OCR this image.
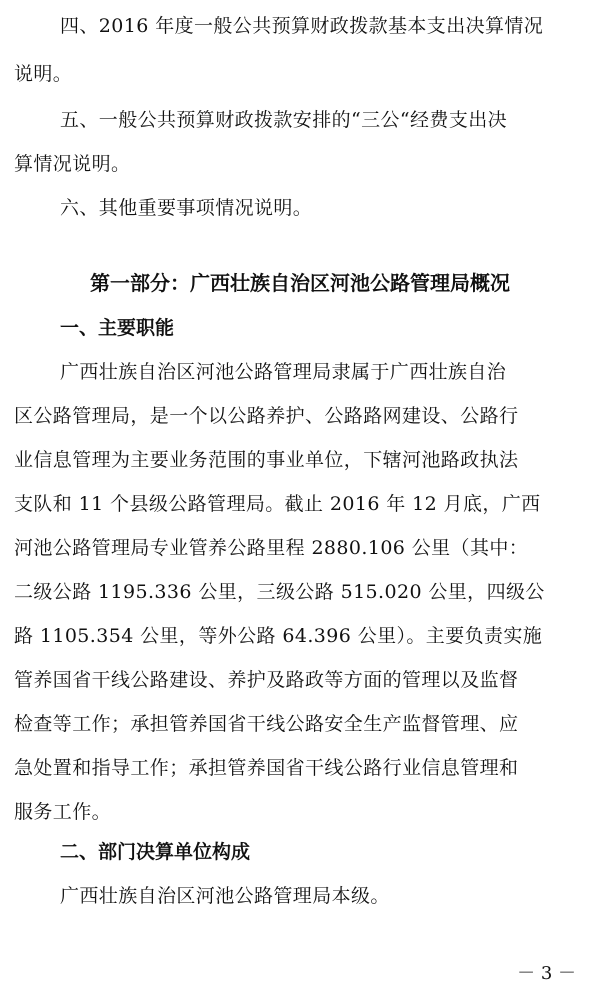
四、2016 年度一般公共预算财政拨款基本支出决算情况
说明。
五、一般公共预算财政拨款安排的“三公“经费支出决
算情况说明。
六、其他重要事项情况说明。
第一部分：广西壮族自治区河池公路管理局概况
一、主要职能
广西壮族自治区河池公路管理局隶属于广西壮族自治
区公路管理局，是一个以公路养护、公路路网建设、公路行
业信息管理为主要业务范围的事业单位，下辖河池路政执法
支队和 11 个县级公路管理局。截止 2016 年 12 月底，广西
河池公路管理局专业管养公路里程 2880.106 公里（其中：
二级公路 1195.336 公里，三级公路 515.020 公里，四级公
路 1105.354 公里，等外公路 64.396 公里）。主要负责实施
管养国省干线公路建设、养护及路政等方面的管理以及监督
检查等工作；承担管养国省干线公路安全生产监督管理、应
急处置和指导工作；承担管养国省干线公路行业信息管理和
服务工作。
二、部门决算单位构成
广西壮族自治区河池公路管理局本级。
－ 3 －
